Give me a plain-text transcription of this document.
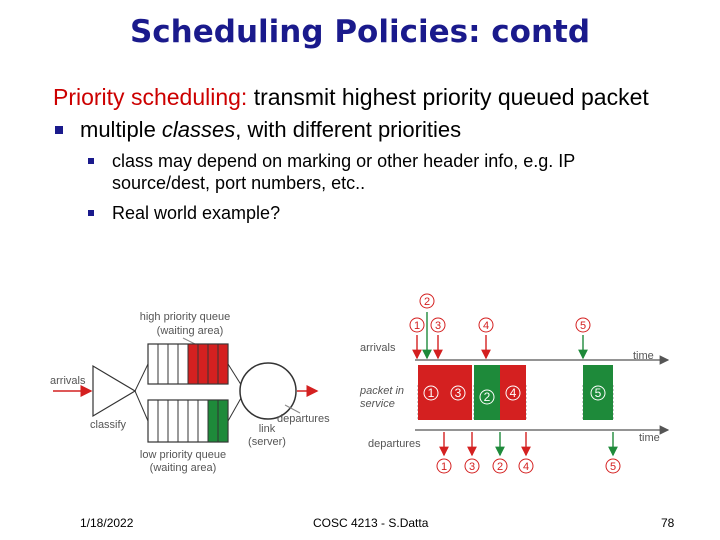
Scheduling Policies: contd
Priority scheduling: transmit highest priority queued packet
multiple classes, with different priorities
class may depend on marking or other header info, e.g. IP source/dest, port numbers, etc..
Real world example?
high priority queue
(waiting area)
arrivals
classify	departures
link
(server)
low priority queue
(waiting area)
arrivals
time
packet in
service
departures	time
1 3 2 4	5
2
1 3	4	5
1 3 2 4	5
1/18/2022	COSC 4213 - S.Datta	78
